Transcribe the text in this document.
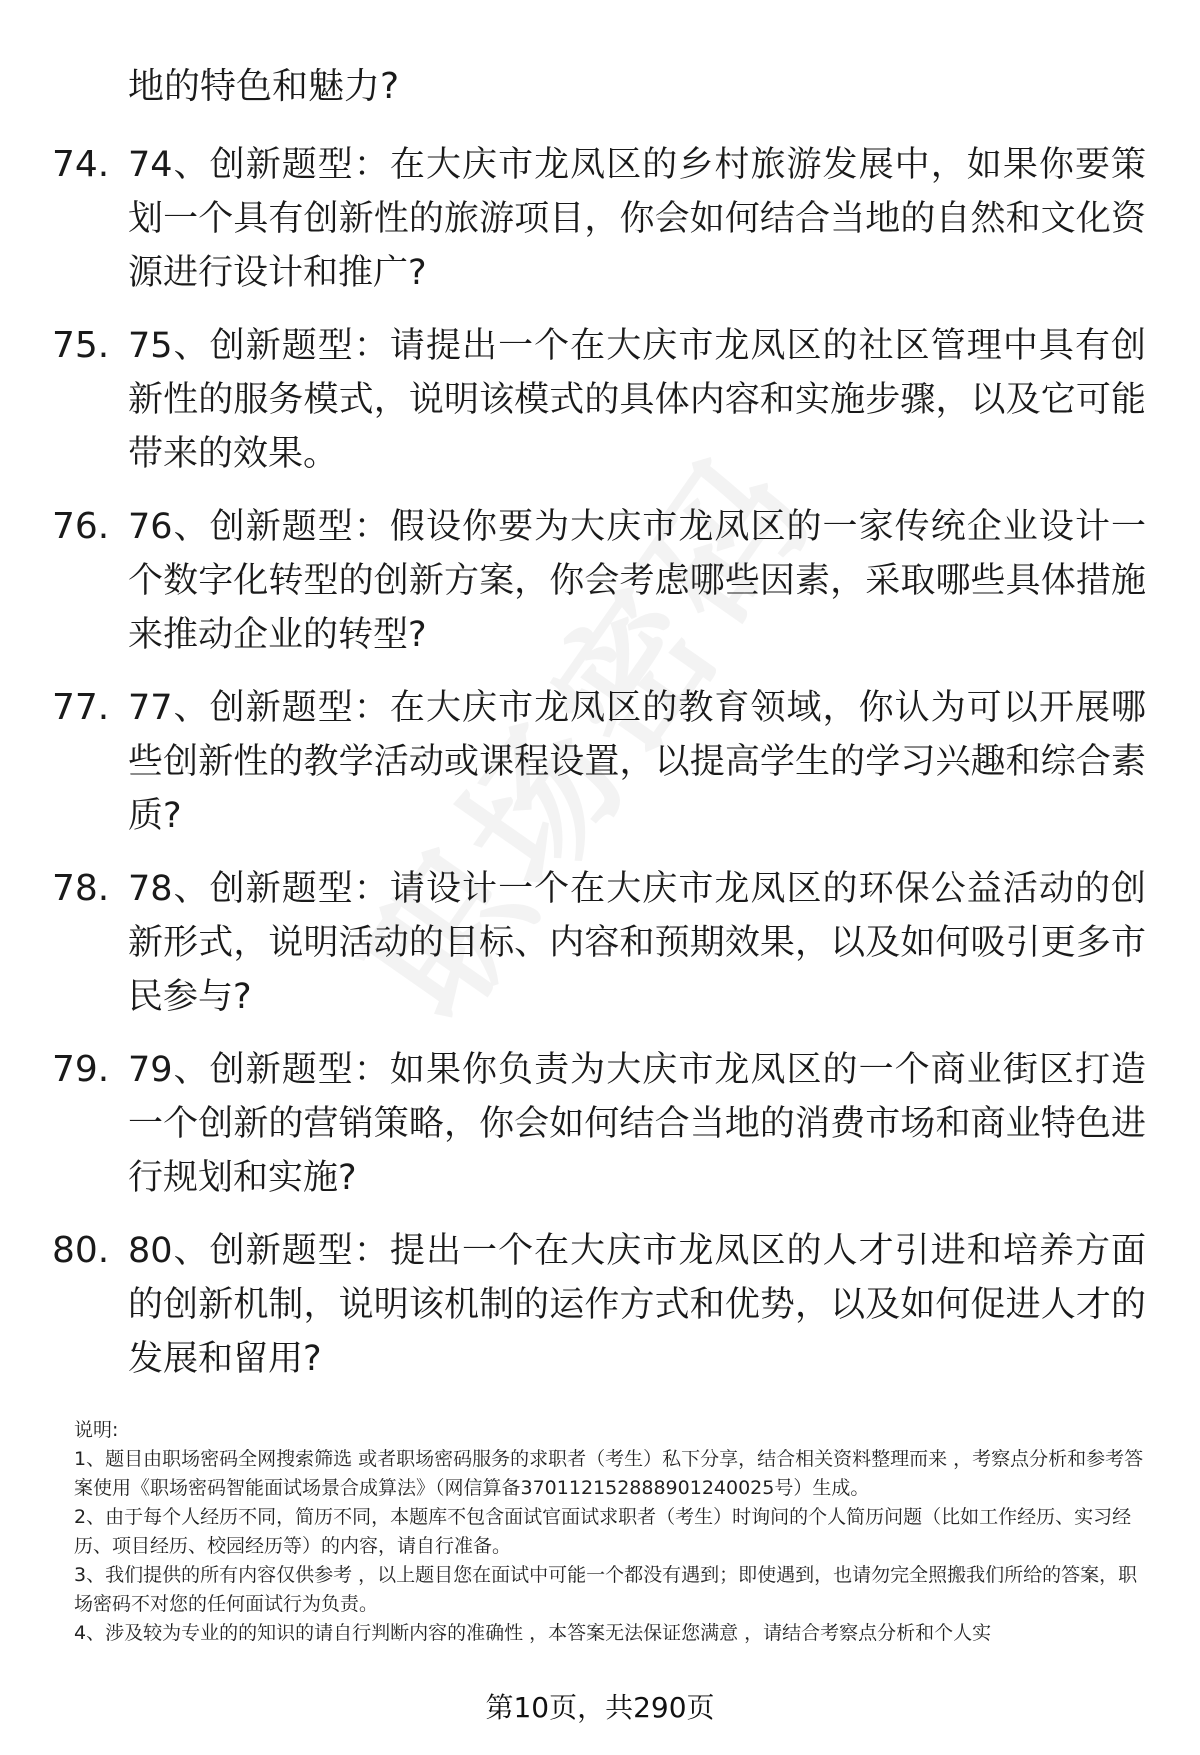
地的特色和魅力?
74. 74、创新题型：在大庆市龙凤区的乡村旅游发展中，如果你要策划一个具有创新性的旅游项目，你会如何结合当地的自然和文化资源进行设计和推广?
75. 75、创新题型：请提出一个在大庆市龙凤区的社区管理中具有创新性的服务模式，说明该模式的具体内容和实施步骤，以及它可能带来的效果。
76. 76、创新题型：假设你要为大庆市龙凤区的一家传统企业设计一个数字化转型的创新方案，你会考虑哪些因素，采取哪些具体措施来推动企业的转型?
77. 77、创新题型：在大庆市龙凤区的教育领域，你认为可以开展哪些创新性的教学活动或课程设置，以提高学生的学习兴趣和综合素质?
78. 78、创新题型：请设计一个在大庆市龙凤区的环保公益活动的创新形式，说明活动的目标、内容和预期效果，以及如何吸引更多市民参与?
79. 79、创新题型：如果你负责为大庆市龙凤区的一个商业街区打造一个创新的营销策略，你会如何结合当地的消费市场和商业特色进行规划和实施?
80. 80、创新题型：提出一个在大庆市龙凤区的人才引进和培养方面的创新机制，说明该机制的运作方式和优势，以及如何促进人才的发展和留用?

说明:

1、题目由职场密码全网搜索筛选 或者职场密码服务的求职者（考生）私下分享，结合相关资料整理而来 ，考察点分析和参考答案使用《职场密码智能面试场景合成算法》（网信算备370112152888901240025号）生成。

2、由于每个人经历不同，简历不同，本题库不包含面试官面试求职者（考生）时询问的个人简历问题（比如工作经历、实习经历、项目经历、校园经历等）的内容，请自行准备。

3、我们提供的所有内容仅供参考 ，以上题目您在面试中可能一个都没有遇到；即使遇到，也请勿完全照搬我们所给的答案，职场密码不对您的任何面试行为负责。

4、涉及较为专业的的知识的请自行判断内容的准确性 ，本答案无法保证您满意 ，请结合考察点分析和个人实

第10页，共290页
